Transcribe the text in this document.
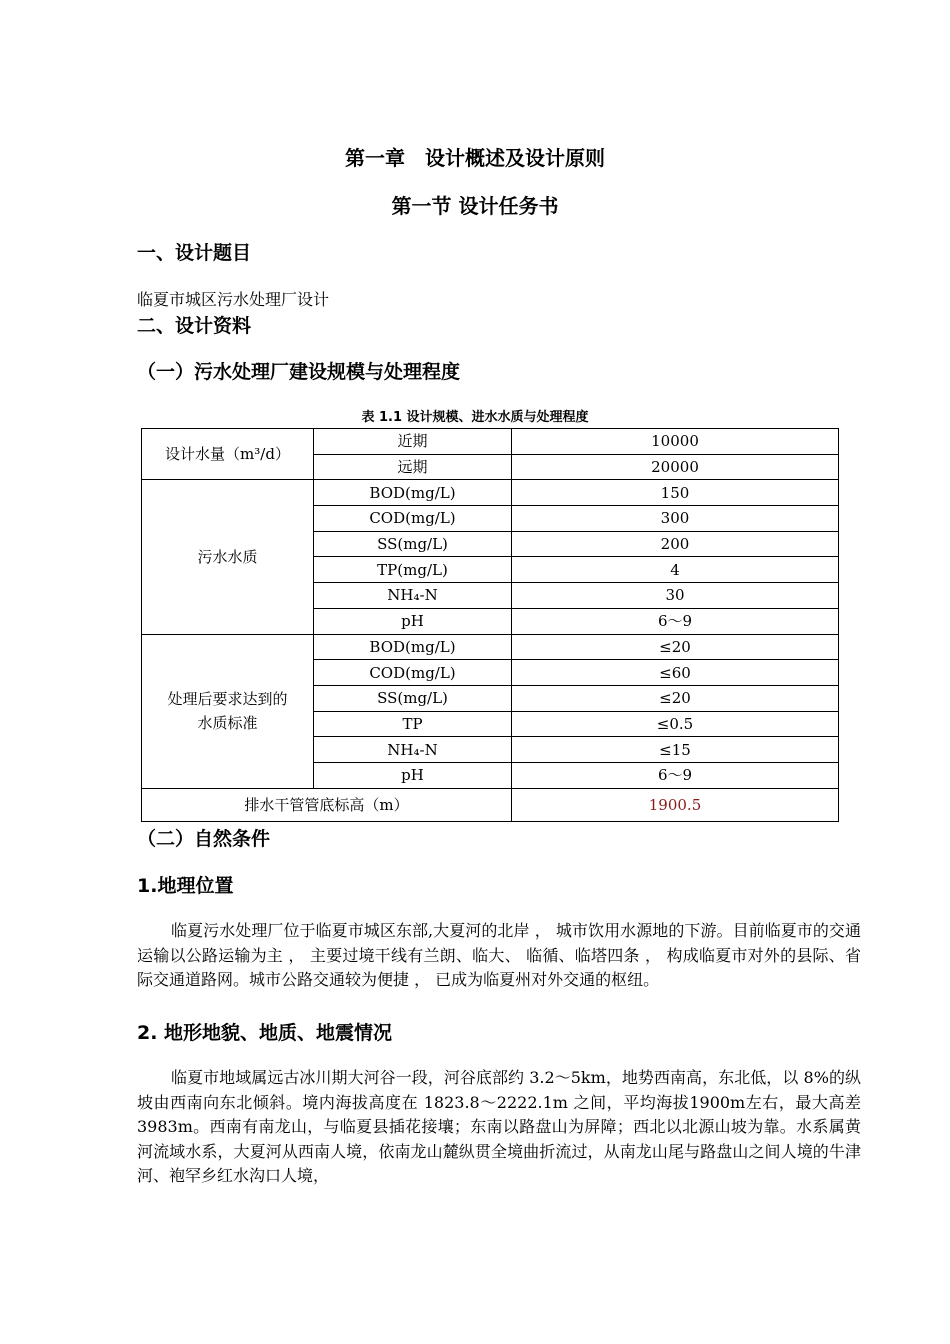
第一章　设计概述及设计原则
第一节 设计任务书
一、设计题目
临夏市城区污水处理厂设计
二、设计资料
（一）污水处理厂建设规模与处理程度
表 1.1 设计规模、进水水质与处理程度
设计水量（m³/d）	近期	10000
	远期	20000
污水水质	BOD(mg/L)	150
	COD(mg/L)	300
	SS(mg/L)	200
	TP(mg/L)	4
	NH₄-N	30
	pH	6～9

处理后要求达到的
水质标准	BOD(mg/L)	≤20
	COD(mg/L)	≤60
	SS(mg/L)	≤20
	TP	≤0.5
	NH₄-N	≤15
	pH	6～9
排水干管管底标高（m）		1900.5
（二）自然条件
1.地理位置
临夏污水处理厂位于临夏市城区东部,大夏河的北岸 ， 城市饮用水源地的下游。目前临夏市的交通运输以公路运输为主 ， 主要过境干线有兰朗、临大、 临循、临塔四条 ， 构成临夏市对外的县际、省际交通道路网。城市公路交通较为便捷 ， 已成为临夏州对外交通的枢纽。
2. 地形地貌、地质、地震情况
临夏市地域属远古冰川期大河谷一段，河谷底部约 3.2～5km，地势西南高，东北低，以 8%的纵坡由西南向东北倾斜。境内海拔高度在 1823.8～2222.1m 之间，平均海拔1900m左右，最大高差3983m。西南有南龙山，与临夏县插花接壤；东南以路盘山为屏障；西北以北源山坡为靠。水系属黄河流域水系，大夏河从西南人境，依南龙山麓纵贯全境曲折流过，从南龙山尾与路盘山之间人境的牛津河、袍罕乡红水沟口人境，
